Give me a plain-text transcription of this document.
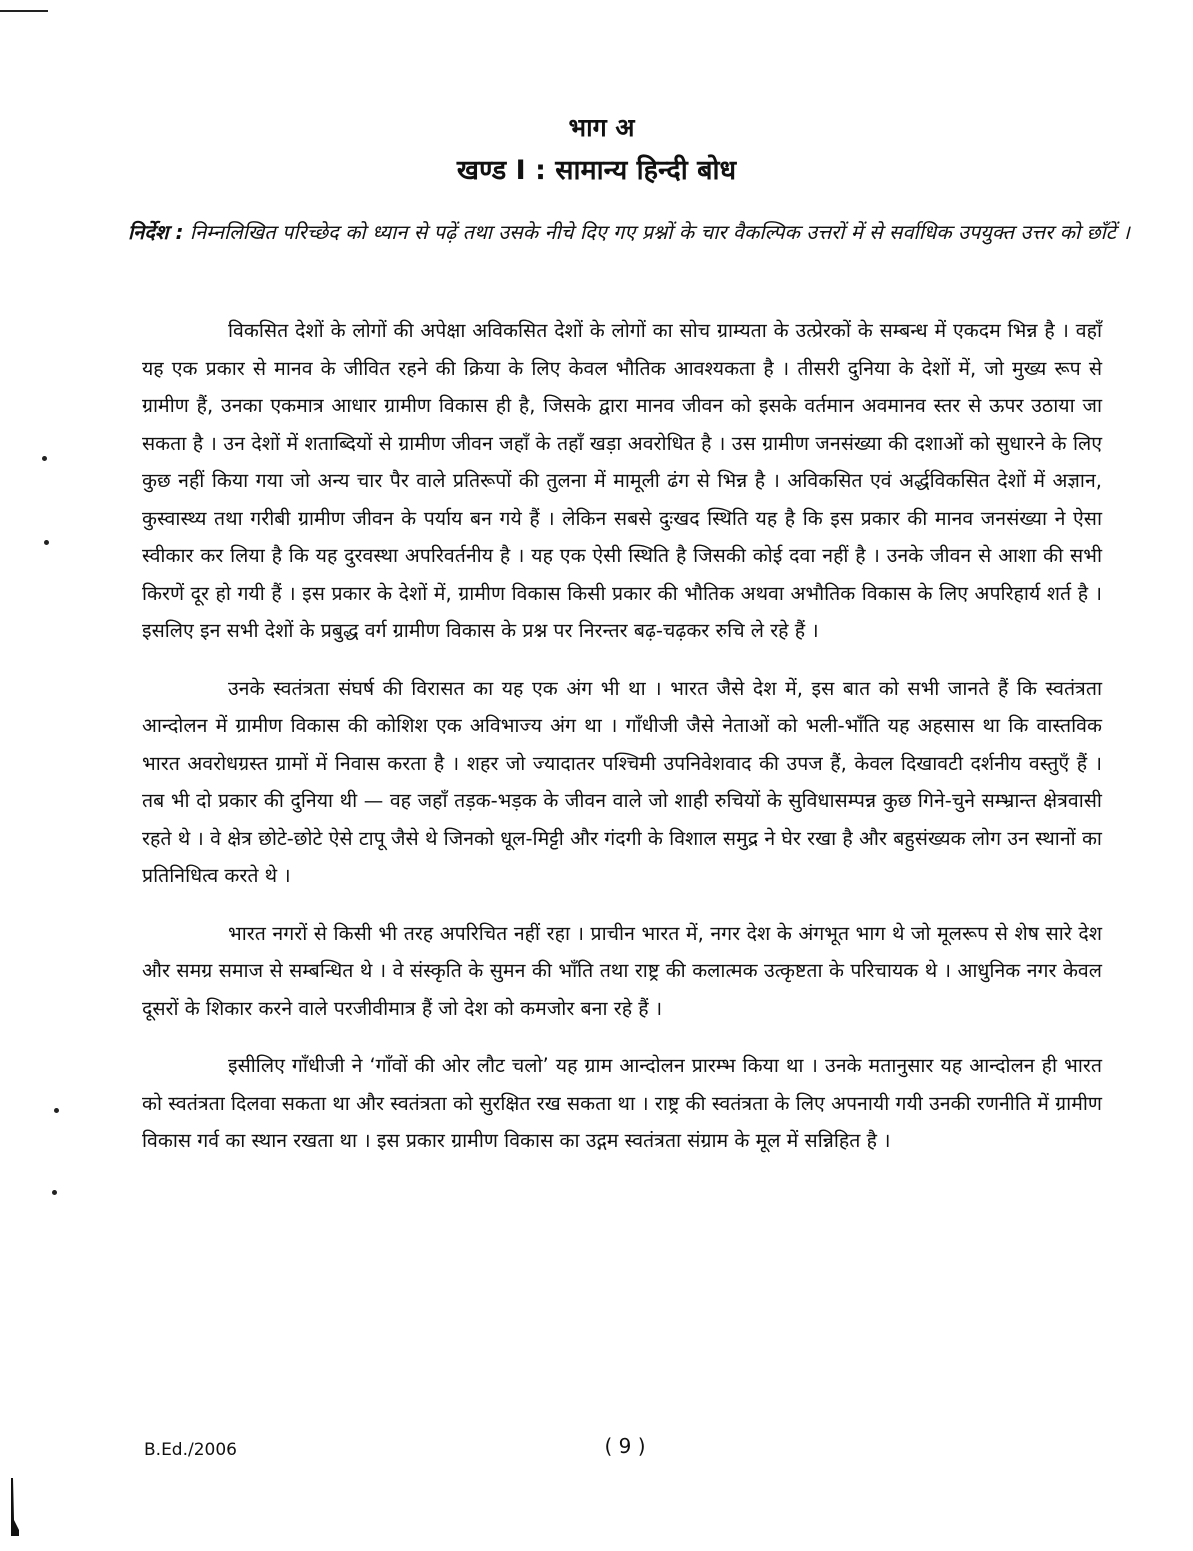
भाग अ
खण्ड I : सामान्य हिन्दी बोध
निर्देश : निम्नलिखित परिच्छेद को ध्यान से पढ़ें तथा उसके नीचे दिए गए प्रश्नों के चार वैकल्पिक उत्तरों में से सर्वाधिक उपयुक्त उत्तर को छाँटें ।

विकसित देशों के लोगों की अपेक्षा अविकसित देशों के लोगों का सोच ग्राम्यता के उत्प्रेरकों के सम्बन्ध में एकदम भिन्न है । वहाँ यह एक प्रकार से मानव के जीवित रहने की क्रिया के लिए केवल भौतिक आवश्यकता है । तीसरी दुनिया के देशों में, जो मुख्य रूप से ग्रामीण हैं, उनका एकमात्र आधार ग्रामीण विकास ही है, जिसके द्वारा मानव जीवन को इसके वर्तमान अवमानव स्तर से ऊपर उठाया जा सकता है । उन देशों में शताब्दियों से ग्रामीण जीवन जहाँ के तहाँ खड़ा अवरोधित है । उस ग्रामीण जनसंख्या की दशाओं को सुधारने के लिए कुछ नहीं किया गया जो अन्य चार पैर वाले प्रतिरूपों की तुलना में मामूली ढंग से भिन्न है । अविकसित एवं अर्द्धविकसित देशों में अज्ञान, कुस्वास्थ्य तथा गरीबी ग्रामीण जीवन के पर्याय बन गये हैं । लेकिन सबसे दुःखद स्थिति यह है कि इस प्रकार की मानव जनसंख्या ने ऐसा स्वीकार कर लिया है कि यह दुरवस्था अपरिवर्तनीय है । यह एक ऐसी स्थिति है जिसकी कोई दवा नहीं है । उनके जीवन से आशा की सभी किरणें दूर हो गयी हैं । इस प्रकार के देशों में, ग्रामीण विकास किसी प्रकार की भौतिक अथवा अभौतिक विकास के लिए अपरिहार्य शर्त है । इसलिए इन सभी देशों के प्रबुद्ध वर्ग ग्रामीण विकास के प्रश्न पर निरन्तर बढ़-चढ़कर रुचि ले रहे हैं ।

उनके स्वतंत्रता संघर्ष की विरासत का यह एक अंग भी था । भारत जैसे देश में, इस बात को सभी जानते हैं कि स्वतंत्रता आन्दोलन में ग्रामीण विकास की कोशिश एक अविभाज्य अंग था । गाँधीजी जैसे नेताओं को भली-भाँति यह अहसास था कि वास्तविक भारत अवरोधग्रस्त ग्रामों में निवास करता है । शहर जो ज्यादातर पश्चिमी उपनिवेशवाद की उपज हैं, केवल दिखावटी दर्शनीय वस्तुएँ हैं । तब भी दो प्रकार की दुनिया थी — वह जहाँ तड़क-भड़क के जीवन वाले जो शाही रुचियों के सुविधासम्पन्न कुछ गिने-चुने सम्भ्रान्त क्षेत्रवासी रहते थे । वे क्षेत्र छोटे-छोटे ऐसे टापू जैसे थे जिनको धूल-मिट्टी और गंदगी के विशाल समुद्र ने घेर रखा है और बहुसंख्यक लोग उन स्थानों का प्रतिनिधित्व करते थे ।

भारत नगरों से किसी भी तरह अपरिचित नहीं रहा । प्राचीन भारत में, नगर देश के अंगभूत भाग थे जो मूलरूप से शेष सारे देश और समग्र समाज से सम्बन्धित थे । वे संस्कृति के सुमन की भाँति तथा राष्ट्र की कलात्मक उत्कृष्टता के परिचायक थे । आधुनिक नगर केवल दूसरों के शिकार करने वाले परजीवीमात्र हैं जो देश को कमजोर बना रहे हैं ।

इसीलिए गाँधीजी ने ‘गाँवों की ओर लौट चलो’ यह ग्राम आन्दोलन प्रारम्भ किया था । उनके मतानुसार यह आन्दोलन ही भारत को स्वतंत्रता दिलवा सकता था और स्वतंत्रता को सुरक्षित रख सकता था । राष्ट्र की स्वतंत्रता के लिए अपनायी गयी उनकी रणनीति में ग्रामीण विकास गर्व का स्थान रखता था । इस प्रकार ग्रामीण विकास का उद्गम स्वतंत्रता संग्राम के मूल में सन्निहित है ।

B.Ed./2006	( 9 )
